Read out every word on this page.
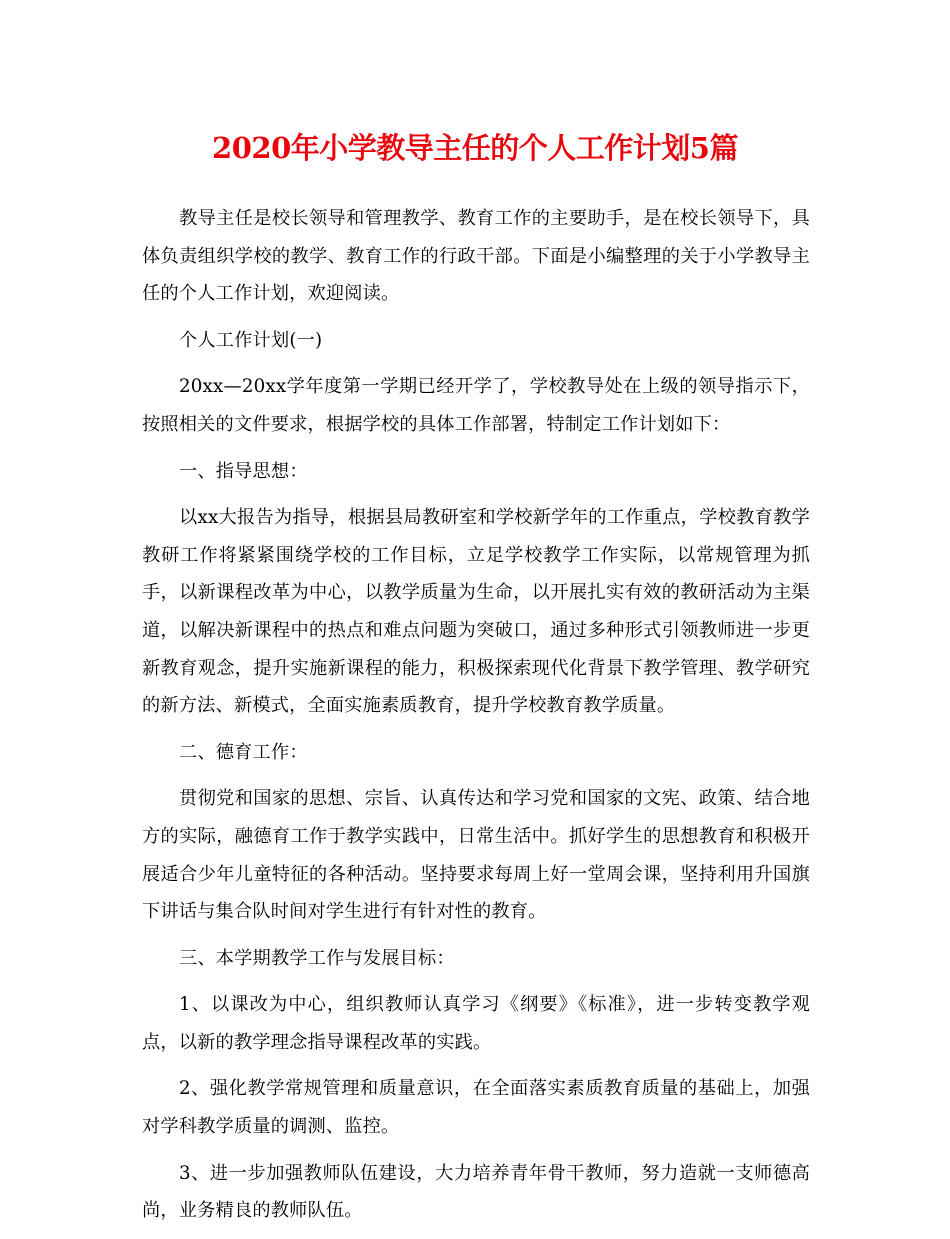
2020年小学教导主任的个人工作计划5篇

教导主任是校长领导和管理教学、教育工作的主要助手，是在校长领导下，具体负责组织学校的教学、教育工作的行政干部。下面是小编整理的关于小学教导主任的个人工作计划，欢迎阅读。

个人工作计划(一)

20xx—20xx学年度第一学期已经开学了，学校教导处在上级的领导指示下，按照相关的文件要求，根据学校的具体工作部署，特制定工作计划如下：

一、指导思想：

以xx大报告为指导，根据县局教研室和学校新学年的工作重点，学校教育教学教研工作将紧紧围绕学校的工作目标，立足学校教学工作实际，以常规管理为抓手，以新课程改革为中心，以教学质量为生命，以开展扎实有效的教研活动为主渠道，以解决新课程中的热点和难点问题为突破口，通过多种形式引领教师进一步更新教育观念，提升实施新课程的能力，积极探索现代化背景下教学管理、教学研究的新方法、新模式，全面实施素质教育，提升学校教育教学质量。

二、德育工作：

贯彻党和国家的思想、宗旨、认真传达和学习党和国家的文宪、政策、结合地方的实际，融德育工作于教学实践中，日常生活中。抓好学生的思想教育和积极开展适合少年儿童特征的各种活动。坚持要求每周上好一堂周会课，坚持利用升国旗下讲话与集合队时间对学生进行有针对性的教育。

三、本学期教学工作与发展目标：

1、以课改为中心，组织教师认真学习《纲要》《标准》，进一步转变教学观点，以新的教学理念指导课程改革的实践。

2、强化教学常规管理和质量意识，在全面落实素质教育质量的基础上，加强对学科教学质量的调测、监控。

3、进一步加强教师队伍建设，大力培养青年骨干教师，努力造就一支师德高尚，业务精良的教师队伍。
